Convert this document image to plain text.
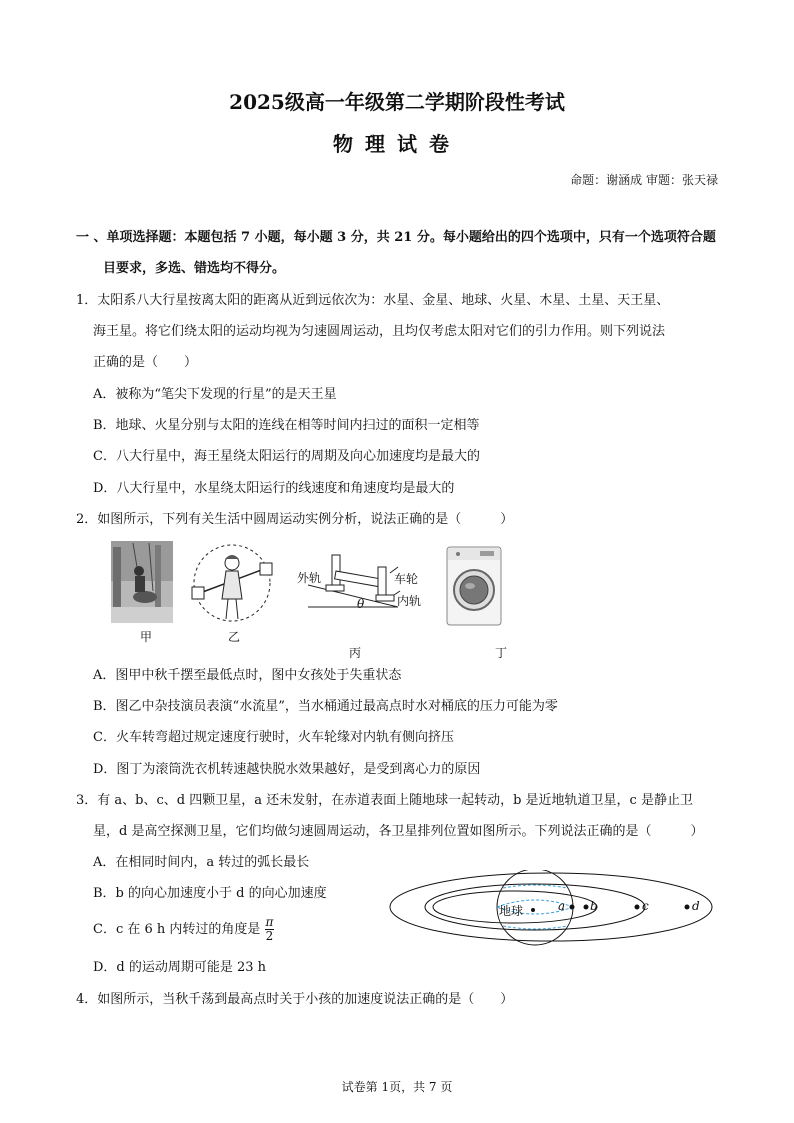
2025级高一年级第二学期阶段性考试
物理试卷
命题：谢涵成 审题：张天禄
一 、单项选择题：本题包括 7 小题，每小题 3 分，共 21 分。每小题给出的四个选项中，只有一个选项符合题目要求，多选、错选均不得分。
1．太阳系八大行星按离太阳的距离从近到远依次为：水星、金星、地球、火星、木星、土星、天王星、
海王星。将它们绕太阳的运动均视为匀速圆周运动，且均仅考虑太阳对它们的引力作用。则下列说法
正确的是（　　）
A．被称为“笔尖下发现的行星”的是天王星
B．地球、火星分别与太阳的连线在相等时间内扫过的面积一定相等
C．八大行星中，海王星绕太阳运行的周期及向心加速度均是最大的
D．八大行星中，水星绕太阳运行的线速度和角速度均是最大的
2．如图所示，下列有关生活中圆周运动实例分析，说法正确的是（　　　）
甲	乙
外轨	车轮
内轨
θ
丙	丁
A．图甲中秋千摆至最低点时，图中女孩处于失重状态
B．图乙中杂技演员表演“水流星”，当水桶通过最高点时水对桶底的压力可能为零
C．火车转弯超过规定速度行驶时，火车轮缘对内轨有侧向挤压
D．图丁为滚筒洗衣机转速越快脱水效果越好，是受到离心力的原因
3．有 a、b、c、d 四颗卫星，a 还未发射，在赤道表面上随地球一起转动，b 是近地轨道卫星，c 是静止卫
星，d 是高空探测卫星，它们均做匀速圆周运动，各卫星排列位置如图所示。下列说法正确的是（　　　）
A．在相同时间内，a 转过的弧长最长
B．b 的向心加速度小于 d 的向心加速度
C．c 在 6 h 内转过的角度是 $\frac{\pi}{2}$
D．d 的运动周期可能是 23 h
地球	a b	c	d
4．如图所示，当秋千荡到最高点时关于小孩的加速度说法正确的是（　　）
试卷第 1页，共 7 页
